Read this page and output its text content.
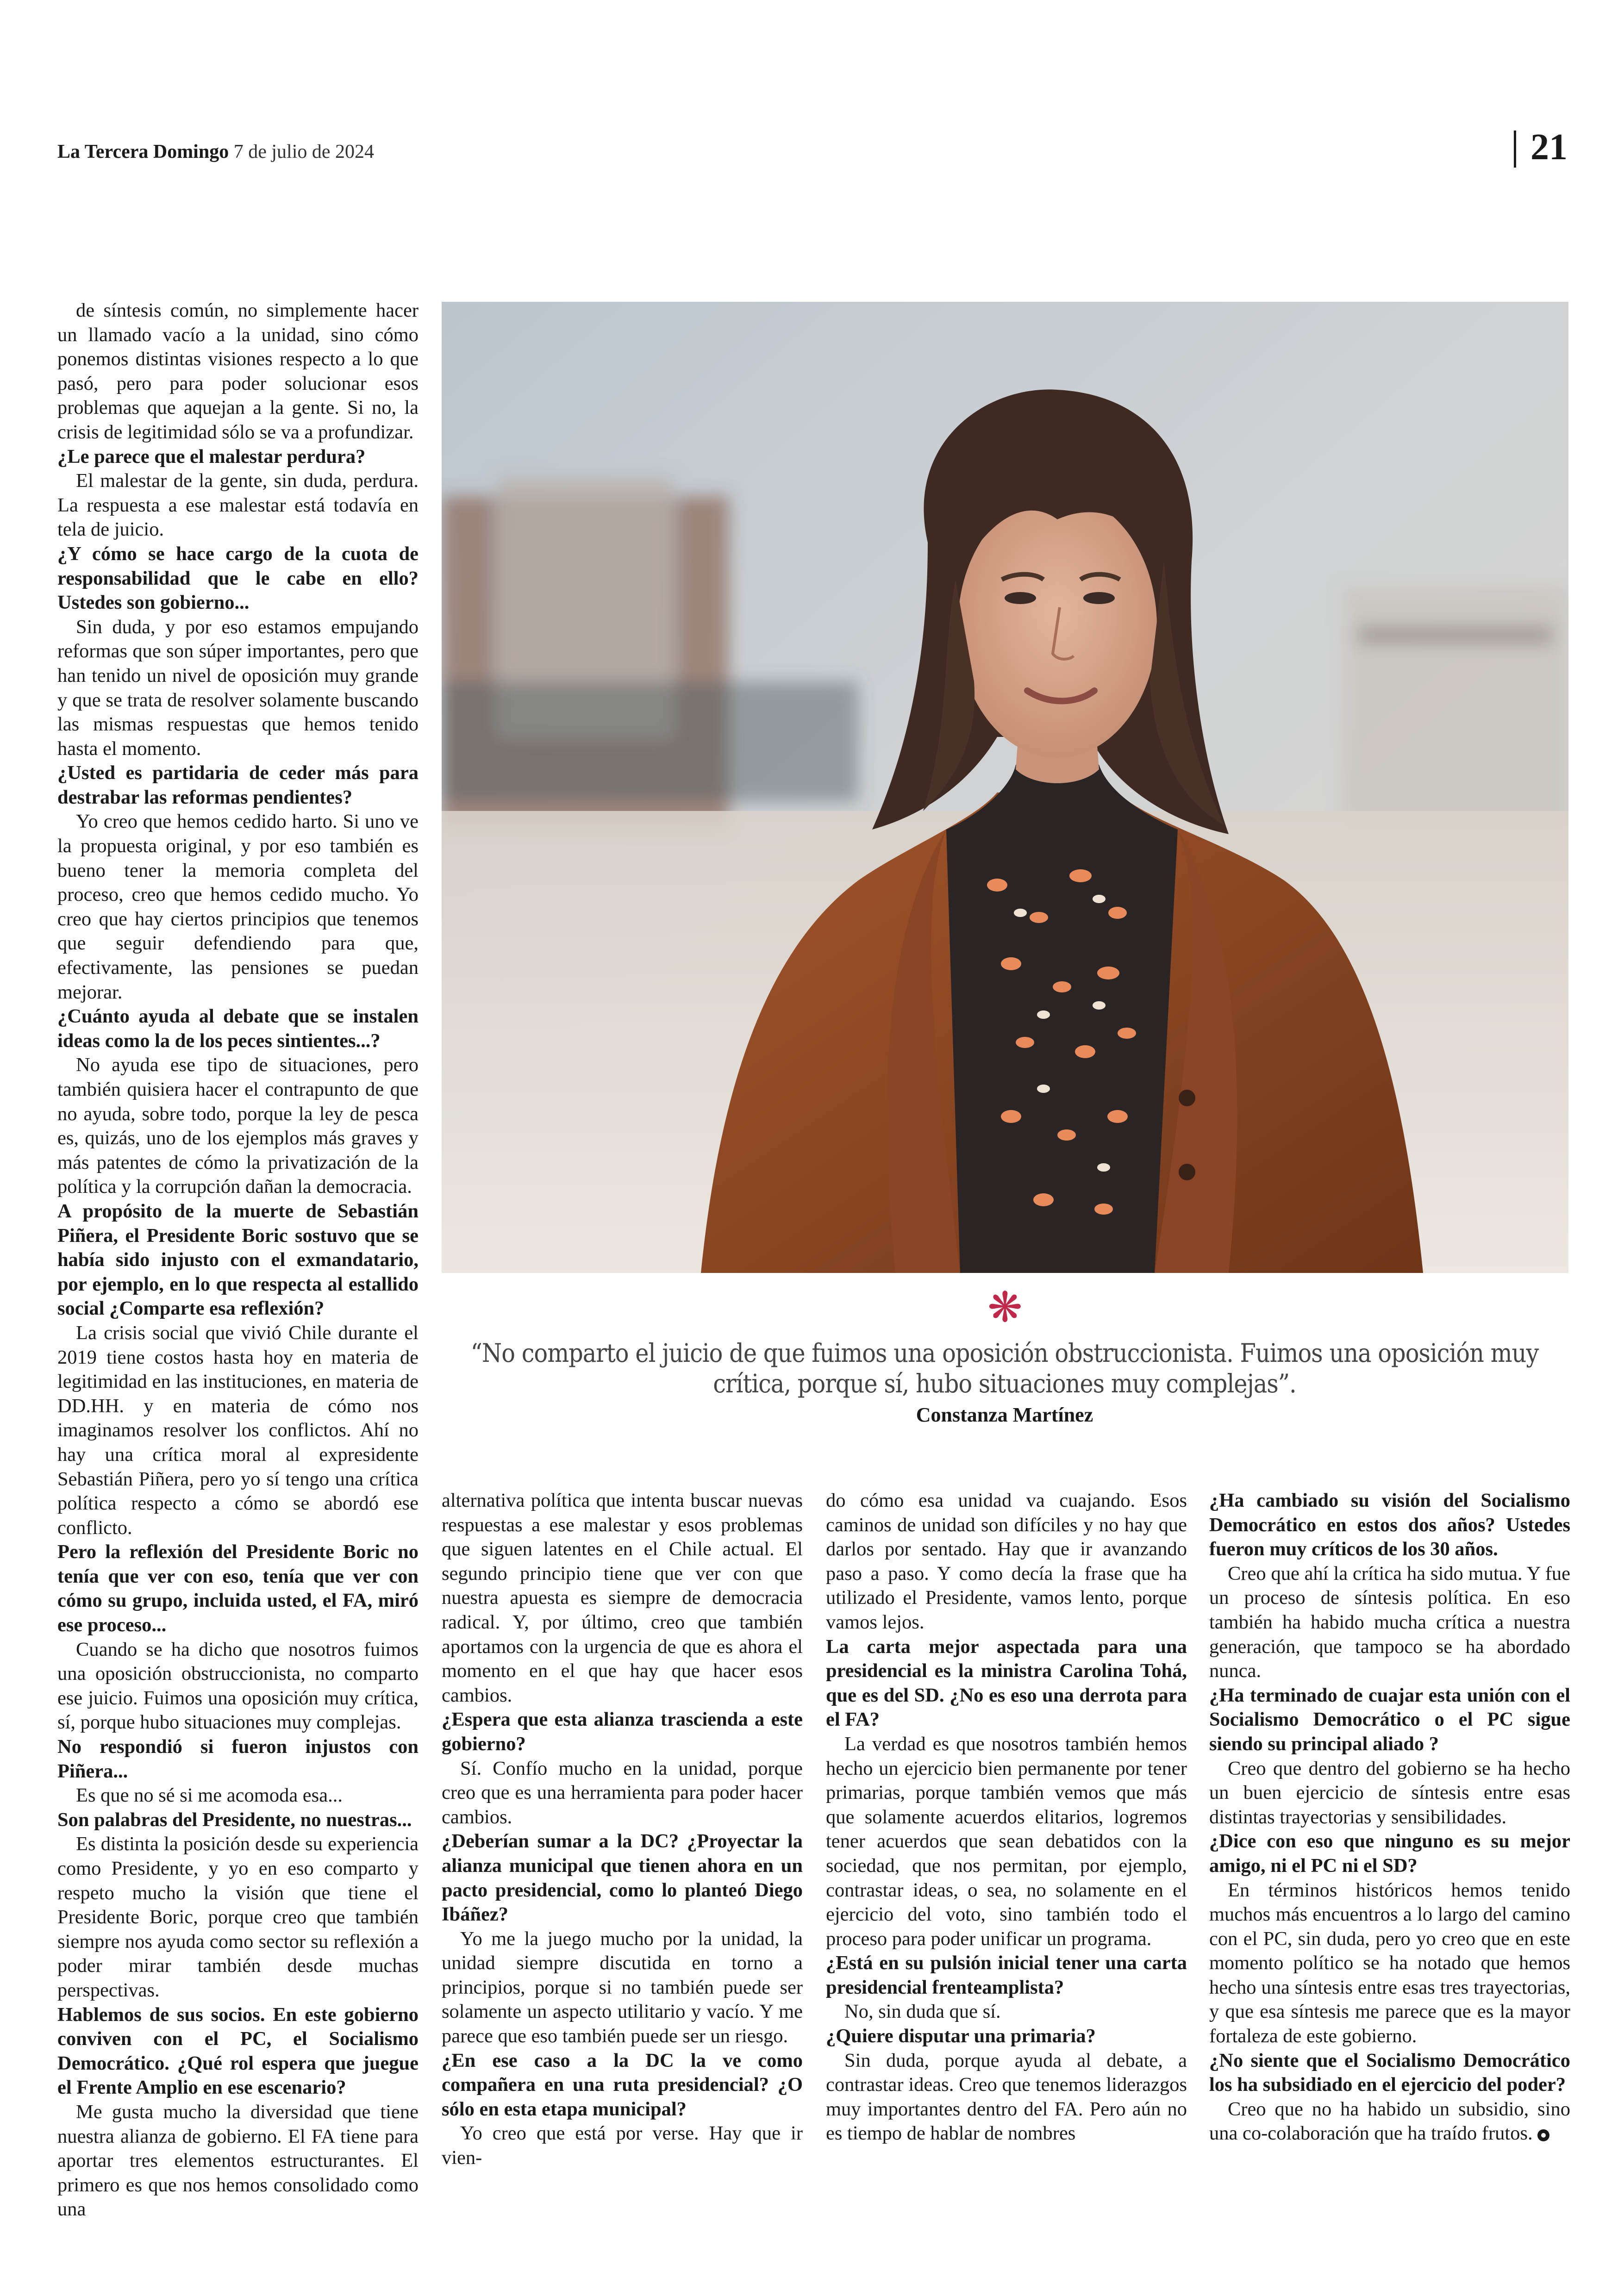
La Tercera Domingo 7 de julio de 2024	21

de síntesis común, no simplemente hacer un llamado vacío a la unidad, sino cómo ponemos distintas visiones respecto a lo que pasó, pero para poder solucionar esos problemas que aquejan a la gente. Si no, la crisis de legitimidad sólo se va a profundizar.

¿Le parece que el malestar perdura?

El malestar de la gente, sin duda, perdura. La respuesta a ese malestar está todavía en tela de juicio.

¿Y cómo se hace cargo de la cuota de responsabilidad que le cabe en ello? Ustedes son gobierno...

Sin duda, y por eso estamos empujando reformas que son súper importantes, pero que han tenido un nivel de oposición muy grande y que se trata de resolver solamente buscando las mismas respuestas que hemos tenido hasta el momento.

¿Usted es partidaria de ceder más para destrabar las reformas pendientes?

Yo creo que hemos cedido harto. Si uno ve la propuesta original, y por eso también es bueno tener la memoria completa del proceso, creo que hemos cedido mucho. Yo creo que hay ciertos principios que tenemos que seguir defendiendo para que, efectivamente, las pensiones se puedan mejorar.

¿Cuánto ayuda al debate que se instalen ideas como la de los peces sintientes...?

No ayuda ese tipo de situaciones, pero también quisiera hacer el contrapunto de que no ayuda, sobre todo, porque la ley de pesca es, quizás, uno de los ejemplos más graves y más patentes de cómo la privatización de la política y la corrupción dañan la democracia.

A propósito de la muerte de Sebastián Piñera, el Presidente Boric sostuvo que se había sido injusto con el exmandatario, por ejemplo, en lo que respecta al estallido social ¿Comparte esa reflexión?

La crisis social que vivió Chile durante el 2019 tiene costos hasta hoy en materia de legitimidad en las instituciones, en materia de DD.HH. y en materia de cómo nos imaginamos resolver los conflictos. Ahí no hay una crítica moral al expresidente Sebastián Piñera, pero yo sí tengo una crítica política respecto a cómo se abordó ese conflicto.

Pero la reflexión del Presidente Boric no tenía que ver con eso, tenía que ver con cómo su grupo, incluida usted, el FA, miró ese proceso...

Cuando se ha dicho que nosotros fuimos una oposición obstruccionista, no comparto ese juicio. Fuimos una oposición muy crítica, sí, porque hubo situaciones muy complejas.

No respondió si fueron injustos con Piñera...

Es que no sé si me acomoda esa...

Son palabras del Presidente, no nuestras...

Es distinta la posición desde su experiencia como Presidente, y yo en eso comparto y respeto mucho la visión que tiene el Presidente Boric, porque creo que también siempre nos ayuda como sector su reflexión a poder mirar también desde muchas perspectivas.

Hablemos de sus socios. En este gobierno conviven con el PC, el Socialismo Democrático. ¿Qué rol espera que juegue el Frente Amplio en ese escenario?

Me gusta mucho la diversidad que tiene nuestra alianza de gobierno. El FA tiene para aportar tres elementos estructurantes. El primero es que nos hemos consolidado como una

❋
“No comparto el juicio de que fuimos una oposición obstruccionista. Fuimos una oposición muy crítica, porque sí, hubo situaciones muy complejas”.
Constanza Martínez

alternativa política que intenta buscar nuevas respuestas a ese malestar y esos problemas que siguen latentes en el Chile actual. El segundo principio tiene que ver con que nuestra apuesta es siempre de democracia radical. Y, por último, creo que también aportamos con la urgencia de que es ahora el momento en el que hay que hacer esos cambios.

¿Espera que esta alianza trascienda a este gobierno?

Sí. Confío mucho en la unidad, porque creo que es una herramienta para poder hacer cambios.

¿Deberían sumar a la DC? ¿Proyectar la alianza municipal que tienen ahora en un pacto presidencial, como lo planteó Diego Ibáñez?

Yo me la juego mucho por la unidad, la unidad siempre discutida en torno a principios, porque si no también puede ser solamente un aspecto utilitario y vacío. Y me parece que eso también puede ser un riesgo.

¿En ese caso a la DC la ve como compañera en una ruta presidencial? ¿O sólo en esta etapa municipal?

Yo creo que está por verse. Hay que ir vien-

do cómo esa unidad va cuajando. Esos caminos de unidad son difíciles y no hay que darlos por sentado. Hay que ir avanzando paso a paso. Y como decía la frase que ha utilizado el Presidente, vamos lento, porque vamos lejos.

La carta mejor aspectada para una presidencial es la ministra Carolina Tohá, que es del SD. ¿No es eso una derrota para el FA?

La verdad es que nosotros también hemos hecho un ejercicio bien permanente por tener primarias, porque también vemos que más que solamente acuerdos elitarios, logremos tener acuerdos que sean debatidos con la sociedad, que nos permitan, por ejemplo, contrastar ideas, o sea, no solamente en el ejercicio del voto, sino también todo el proceso para poder unificar un programa.

¿Está en su pulsión inicial tener una carta presidencial frenteamplista?

No, sin duda que sí.

¿Quiere disputar una primaria?

Sin duda, porque ayuda al debate, a contrastar ideas. Creo que tenemos liderazgos muy importantes dentro del FA. Pero aún no es tiempo de hablar de nombres

¿Ha cambiado su visión del Socialismo Democrático en estos dos años? Ustedes fueron muy críticos de los 30 años.

Creo que ahí la crítica ha sido mutua. Y fue un proceso de síntesis política. En eso también ha habido mucha crítica a nuestra generación, que tampoco se ha abordado nunca.

¿Ha terminado de cuajar esta unión con el Socialismo Democrático o el PC sigue siendo su principal aliado ?

Creo que dentro del gobierno se ha hecho un buen ejercicio de síntesis entre esas distintas trayectorias y sensibilidades.

¿Dice con eso que ninguno es su mejor amigo, ni el PC ni el SD?

En términos históricos hemos tenido muchos más encuentros a lo largo del camino con el PC, sin duda, pero yo creo que en este momento político se ha notado que hemos hecho una síntesis entre esas tres trayectorias, y que esa síntesis me parece que es la mayor fortaleza de este gobierno.

¿No siente que el Socialismo Democrático los ha subsidiado en el ejercicio del poder?

Creo que no ha habido un subsidio, sino una co-colaboración que ha traído frutos.
